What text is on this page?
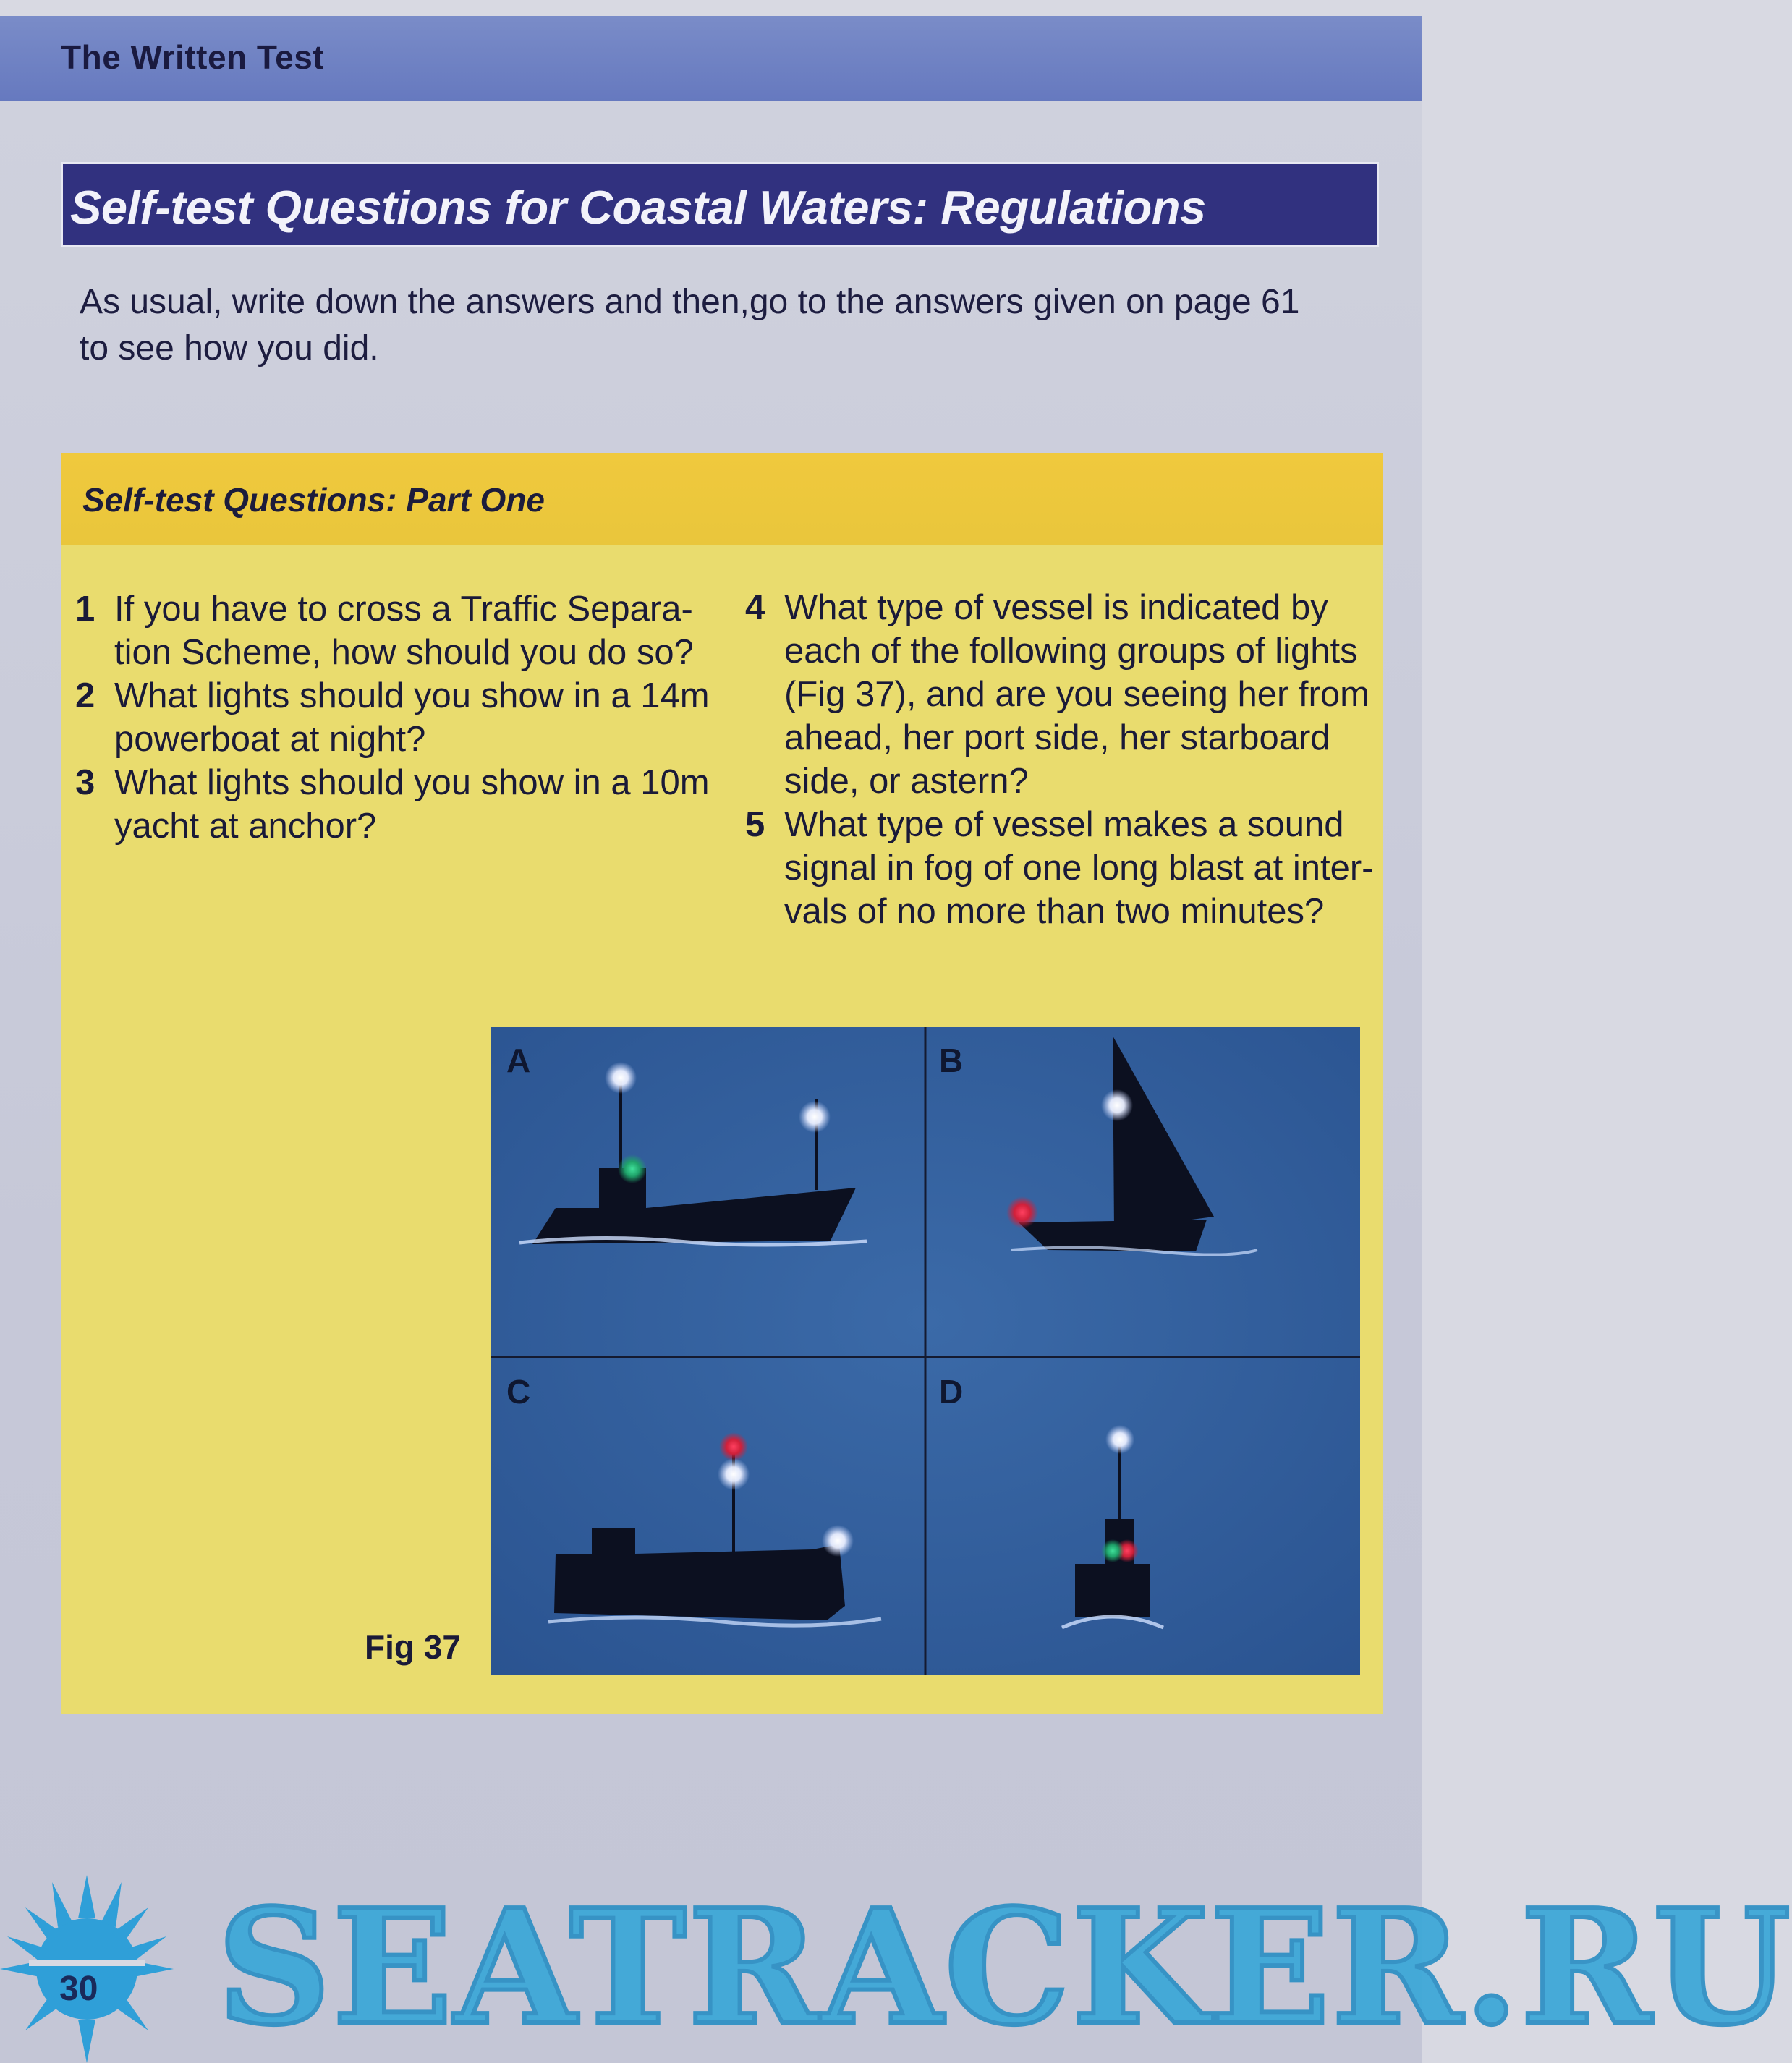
The Written Test
Self-test Questions for Coastal Waters: Regulations
As usual, write down the answers and then,go to the answers given on page 61
to see how you did.
Self-test Questions: Part One
1 If you have to cross a Traffic Separa-tion Scheme, how should you do so?
2 What lights should you show in a 14m powerboat at night?
3 What lights should you show in a 10m yacht at anchor?
4 What type of vessel is indicated by each of the following groups of lights (Fig 37), and are you seeing her from ahead, her port side, her starboard side, or astern?
5 What type of vessel makes a sound signal in fog of one long blast at inter-vals of no more than two minutes?
Fig 37
A	B
C	D
30 SEATRACKER.RU
